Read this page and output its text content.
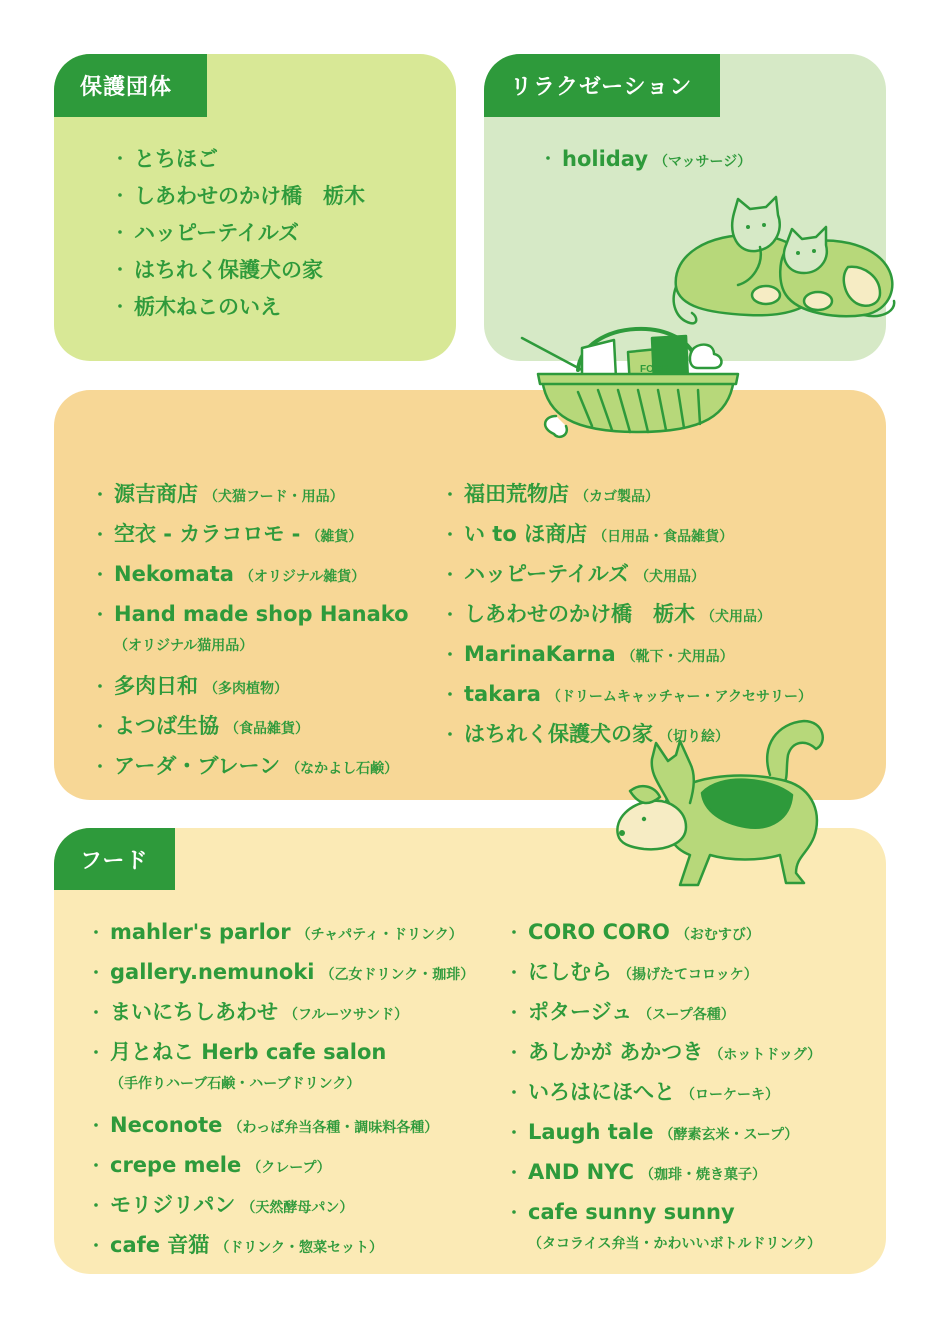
保護団体	リラクゼーション
フード
・ とちほご
・ しあわせのかけ橋　栃木
・ ハッピーテイルズ
・ はちれく保護犬の家
・ 栃木ねこのいえ
・ holiday （マッサージ）
・ 源吉商店 （犬猫フード・用品）
・ 空衣 - カラコロモ - （雑貨）
・ Nekomata （オリジナル雑貨）
・ Hand made shop Hanako
（オリジナル猫用品）
・ 多肉日和 （多肉植物）
・ よつば生協 （食品雑貨）
・ アーダ・ブレーン （なかよし石鹸）
・ 福田荒物店 （カゴ製品）
・ い to ほ商店 （日用品・食品雑貨）
・ ハッピーテイルズ （犬用品）
・ しあわせのかけ橋　栃木 （犬用品）
・ MarinaKarna （靴下・犬用品）
・ takara （ドリームキャッチャー・アクセサリー）
・ はちれく保護犬の家 （切り絵）
・ mahler's parlor （チャパティ・ドリンク）
・ gallery.nemunoki （乙女ドリンク・珈琲）
・ まいにちしあわせ （フルーツサンド）
・ 月とねこ Herb cafe salon
（手作りハーブ石鹸・ハーブドリンク）
・ Neconote （わっぱ弁当各種・調味料各種）
・ crepe mele （クレープ）
・ モリジリパン （天然酵母パン）
・ cafe 音猫 （ドリンク・惣菜セット）
・ CORO CORO （おむすび）
・ にしむら （揚げたてコロッケ）
・ ポタージュ （スープ各種）
・ あしかが あかつき （ホットドッグ）
・ いろはにほへと （ローケーキ）
・ Laugh tale （酵素玄米・スープ）
・ AND NYC （珈琲・焼き菓子）
・ cafe sunny sunny
（タコライス弁当・かわいいボトルドリンク）
FOOD
